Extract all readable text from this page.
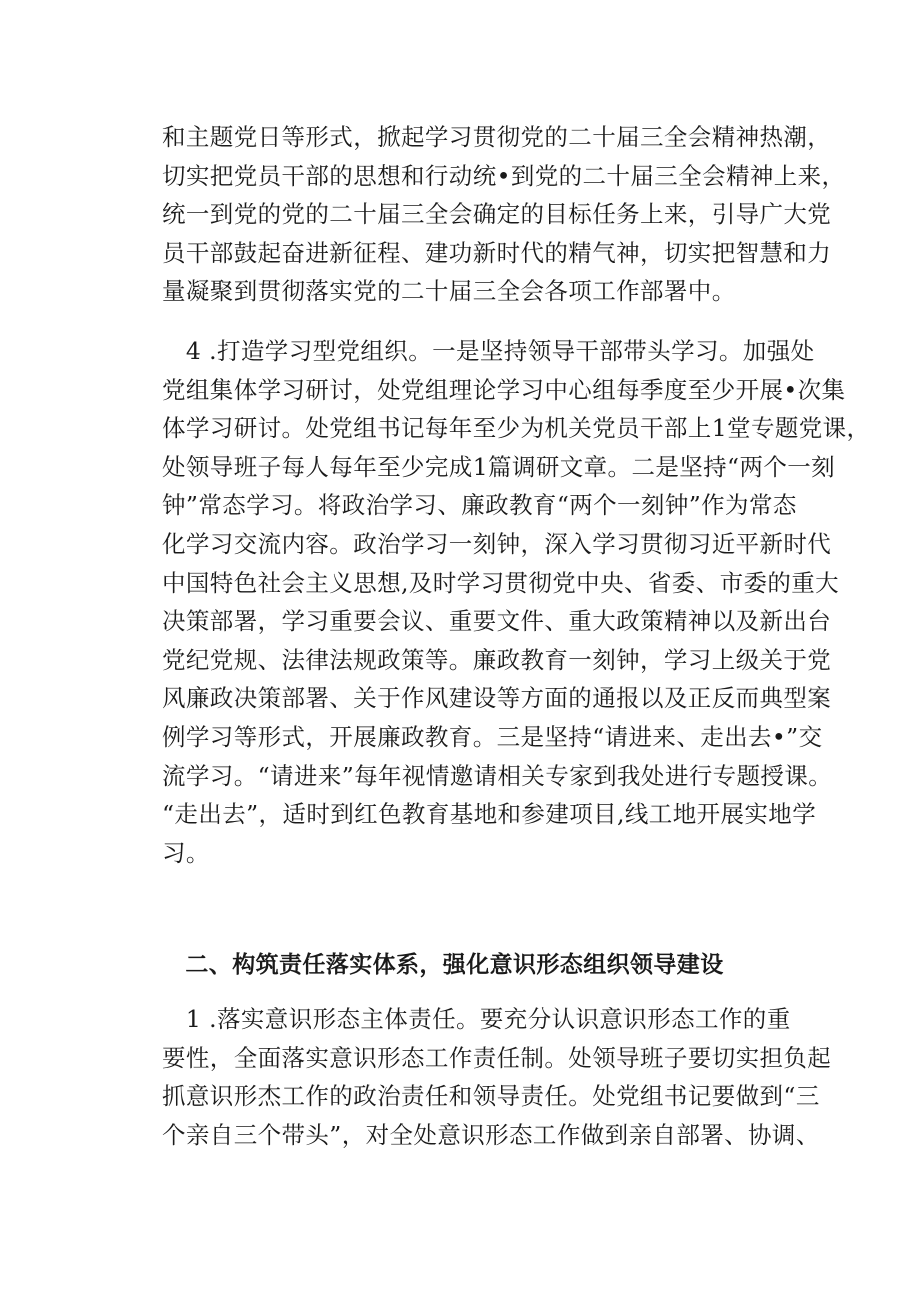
和主题党日等形式，掀起学习贯彻党的二十届三全会精神热潮，
切实把党员干部的思想和行动统•到党的二十届三全会精神上来，
统一到党的党的二十届三全会确定的目标任务上来，引导广大党
员干部鼓起奋进新征程、建功新时代的精气神，切实把智慧和力
量凝聚到贯彻落实党的二十届三全会各项工作部署中。
　4 .打造学习型党组织。一是坚持领导干部带头学习。加强处
党组集体学习研讨，处党组理论学习中心组每季度至少开展•次集
体学习研讨。处党组书记每年至少为机关党员干部上1堂专题党课，
处领导班子每人每年至少完成1篇调研文章。二是坚持“两个一刻
钟”常态学习。将政治学习、廉政教育“两个一刻钟”作为常态
化学习交流内容。政治学习一刻钟，深入学习贯彻习近平新时代
中国特色社会主义思想,及时学习贯彻党中央、省委、市委的重大
决策部署，学习重要会议、重要文件、重大政策精神以及新出台
党纪党规、法律法规政策等。廉政教育一刻钟，学习上级关于党
风廉政决策部署、关于作风建设等方面的通报以及正反而典型案
例学习等形式，开展廉政教育。三是坚持“请进来、走出去•”交
流学习。“请进来”每年视情邀请相关专家到我处进行专题授课。
“走出去”，适时到红色教育基地和参建项目,线工地开展实地学
习。
　二、构筑责任落实体系，强化意识形态组织领导建设
　1 .落实意识形态主体责任。要充分认识意识形态工作的重
要性，全面落实意识形态工作责任制。处领导班子要切实担负起
抓意识形杰工作的政治责任和领导责任。处党组书记要做到“三
个亲自三个带头”，对全处意识形态工作做到亲自部署、协调、
